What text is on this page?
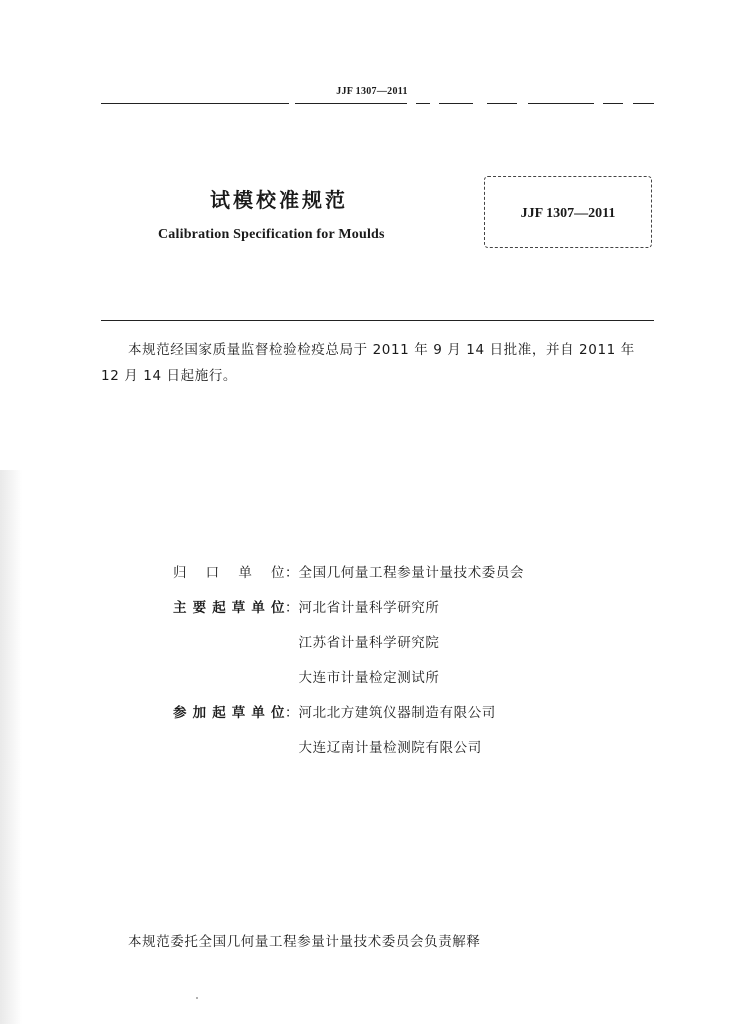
JJF 1307—2011
试模校准规范
Calibration Specification for Moulds
JJF 1307—2011
本规范经国家质量监督检验检疫总局于 2011 年 9 月 14 日批准，并自 2011 年 12 月 14 日起施行。
归口单位：全国几何量工程参量计量技术委员会
主要起草单位：河北省计量科学研究所
江苏省计量科学研究院
大连市计量检定测试所
参加起草单位：河北北方建筑仪器制造有限公司
大连辽南计量检测院有限公司
本规范委托全国几何量工程参量计量技术委员会负责解释
